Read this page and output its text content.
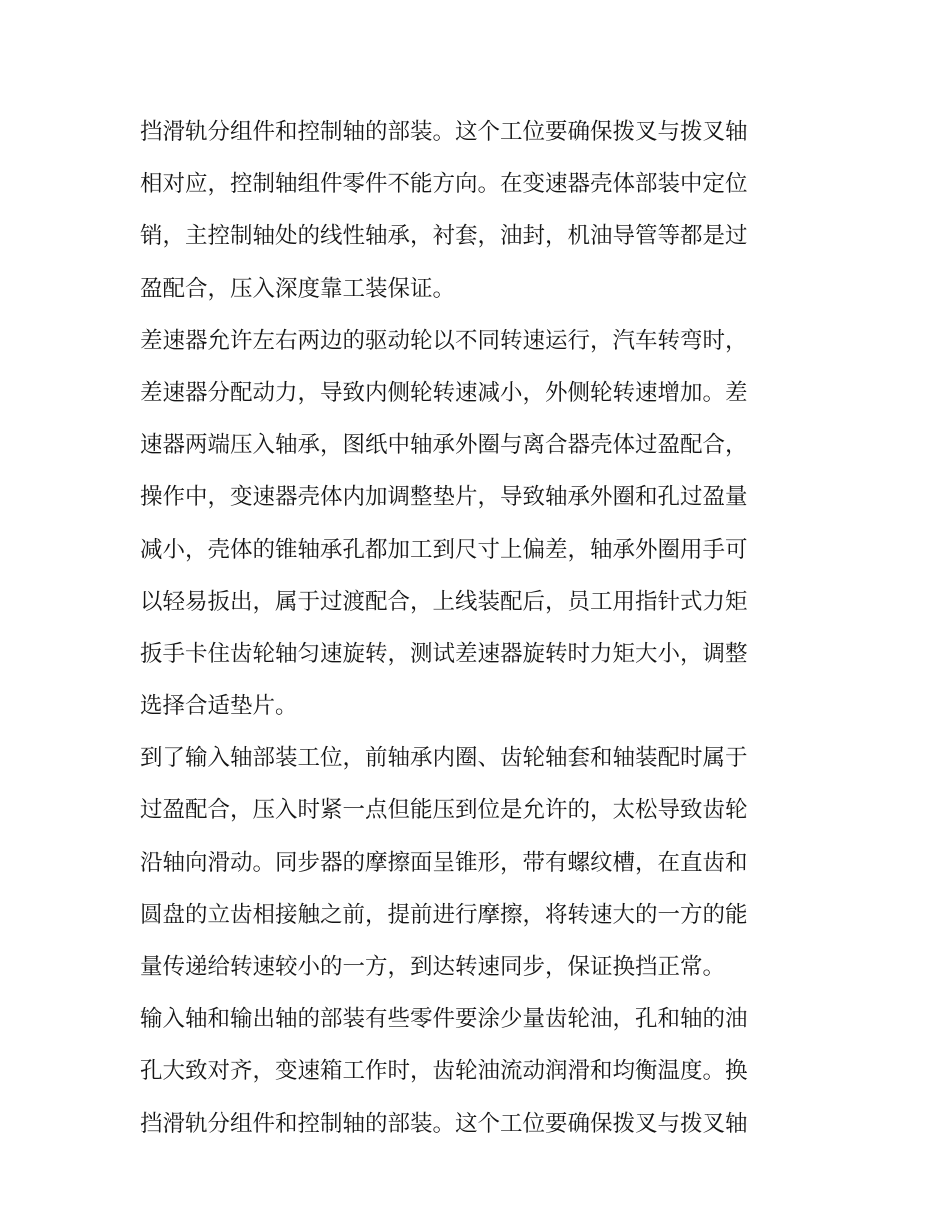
挡滑轨分组件和控制轴的部装。这个工位要确保拨叉与拨叉轴
相对应，控制轴组件零件不能方向。在变速器壳体部装中定位
销，主控制轴处的线性轴承，衬套，油封，机油导管等都是过
盈配合，压入深度靠工装保证。
差速器允许左右两边的驱动轮以不同转速运行，汽车转弯时，
差速器分配动力，导致内侧轮转速减小，外侧轮转速增加。差
速器两端压入轴承，图纸中轴承外圈与离合器壳体过盈配合，
操作中，变速器壳体内加调整垫片，导致轴承外圈和孔过盈量
减小，壳体的锥轴承孔都加工到尺寸上偏差，轴承外圈用手可
以轻易扳出，属于过渡配合，上线装配后，员工用指针式力矩
扳手卡住齿轮轴匀速旋转，测试差速器旋转时力矩大小，调整
选择合适垫片。
到了输入轴部装工位，前轴承内圈、齿轮轴套和轴装配时属于
过盈配合，压入时紧一点但能压到位是允许的，太松导致齿轮
沿轴向滑动。同步器的摩擦面呈锥形，带有螺纹槽，在直齿和
圆盘的立齿相接触之前，提前进行摩擦，将转速大的一方的能
量传递给转速较小的一方，到达转速同步，保证换挡正常。
输入轴和输出轴的部装有些零件要涂少量齿轮油，孔和轴的油
孔大致对齐，变速箱工作时，齿轮油流动润滑和均衡温度。换
挡滑轨分组件和控制轴的部装。这个工位要确保拨叉与拨叉轴
